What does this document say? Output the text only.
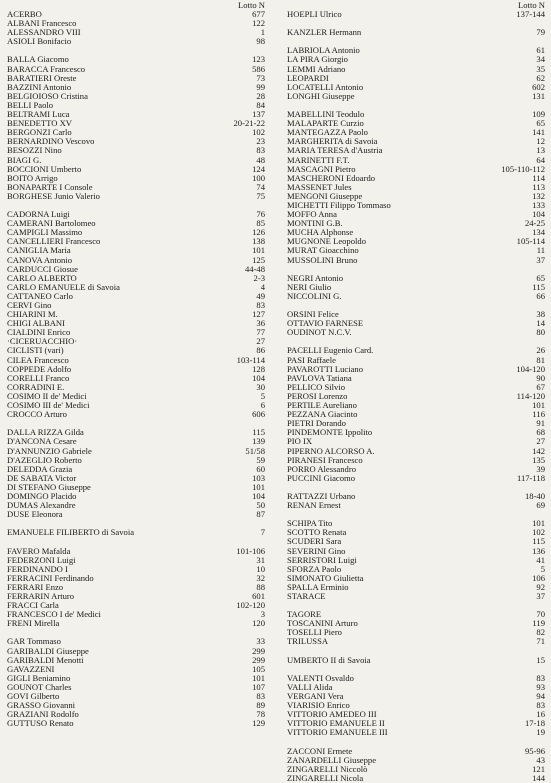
Lotto N
ACERBO	677
ALBANI Francesco	122
ALESSANDRO VIII	1
ASIOLI Bonifacio	98
BALLA Giacomo	123
BARACCA Francesco	586
BARATIERI Oreste	73
BAZZINI Antonio	99
BELGIOIOSO Cristina	28
BELLI Paolo	84
BELTRAMI Luca	137
BENEDETTO XV	20-21-22
BERGONZI Carlo	102
BERNARDINO Vescovo	23
BESOZZI Nino	83
BIAGI G.	48
BOCCIONI Umberto	124
BOITO Arrigo	100
BONAPARTE I Console	74
BORGHESE Junio Valerio	75
CADORNA Luigi	76
CAMERANI Bartolomeo	85
CAMPIGLI Massimo	126
CANCELLIERI Francesco	138
CANIGLIA Maria	101
CANOVA Antonio	125
CARDUCCI Giosue	44-48
CARLO ALBERTO	2-3
CARLO EMANUELE di Savoia	4
CATTANEO Carlo	49
CERVI Gino	83
CHIARINI M.	127
CHIGI ALBANI	36
CIALDINI Enrico	77
·CICERUACCHIO·	27
CICLISTI (vari)	86
CILEA Francesco	103-114
COPPEDE Adolfo	128
CORELLI Franco	104
CORRADINI E.	30
COSIMO II de' Medici	5
COSIMO III de' Medici	6
CROCCO Arturo	606
DALLA RIZZA Gilda	115
D'ANCONA Cesare	139
D'ANNUNZIO Gabriele	51/58
D'AZEGLIO Roberto	59
DELEDDA Grazia	60
DE SABATA Victor	103
DI STEFANO Giuseppe	101
DOMINGO Placido	104
DUMAS Alexandre	50
DUSE Eleonora	87
EMANUELE FILIBERTO di Savoia	7
FAVERO Mafalda	101-106
FEDERZONI Luigi	31
FERDINANDO I	10
FERRACINI Ferdinando	32
FERRARI Enzo	88
FERRARIN Arturo	601
FRACCI Carla	102-120
FRANCESCO I de' Medici	3
FRENI Mirella	120
GAR Tommaso	33
GARIBALDI Giuseppe	299
GARIBALDI Menotti	299
GAVAZZENI	105
GIGLI Beniamino	101
GOUNOT Charles	107
GOVI Gilberto	83
GRASSO Giovanni	89
GRAZIANI Rodolfo	78
GUTTUSO Renato	129
Lotto N
HOEPLI Ulrico	137-144
KANZLER Hermann	79
LABRIOLA Antonio	61
LA PIRA Giorgio	34
LEMMI Adriano	35
LEOPARDI	62
LOCATELLI Antonio	602
LONGHI Giuseppe	131
MABELLINI Teodulo	109
MALAPARTE Curzio	65
MANTEGAZZA Paolo	141
MARGHERITA di Savoia	12
MARIA TERESA d'Austria	13
MARINETTI F.T.	64
MASCAGNI Pietro	105-110-112
MASCHERONI Edoardo	114
MASSENET Jules	113
MENGONI Giuseppe	132
MICHETTI Filippo Tommaso	133
MOFFO Anna	104
MONTINI G.B.	24-25
MUCHA Alphonse	134
MUGNONE Leopoldo	105-114
MURAT Gioacchino	11
MUSSOLINI Bruno	37
NEGRI Antonio	65
NERI Giulio	115
NICCOLINI G.	66
ORSINI Felice	38
OTTAVIO FARNESE	14
OUDINOT N.C.V.	80
PACELLI Eugenio Card.	26
PASI Raffaele	81
PAVAROTTI Luciano	104-120
PAVLOVA Tatiana	90
PELLICO Silvio	67
PEROSI Lorenzo	114-120
PERTILE Aureliano	101
PEZZANA Giacinto	116
PIETRI Dorando	91
PINDEMONTE Ippolito	68
PIO IX	27
PIPERNO ALCORSO A.	142
PIRANESI Francesco	135
PORRO Alessandro	39
PUCCINI Giacomo	117-118
RATTAZZI Urbano	18-40
RENAN Ernest	69
SCHIPA Tito	101
SCOTTO Renata	102
SCUDERI Sara	115
SEVERINI Gino	136
SERRISTORI Luigi	41
SFORZA Paolo	5
SIMONATO Giulietta	106
SPALLA Erminio	92
STARACE	37
TAGORE	70
TOSCANINI Arturo	119
TOSELLI Piero	82
TRILUSSA	71
UMBERTO II di Savoia	15
VALENTI Osvaldo	83
VALLI Alida	93
VERGANI Vera	94
VIARISIO Enrico	83
VITTORIO AMEDEO III	16
VITTORIO EMANUELE II	17-18
VITTORIO EMANUELE III	19
ZACCONI Ermete	95-96
ZANARDELLI Giuseppe	43
ZINGARELLI Niccolò	121
ZINGARELLI Nicola	144
